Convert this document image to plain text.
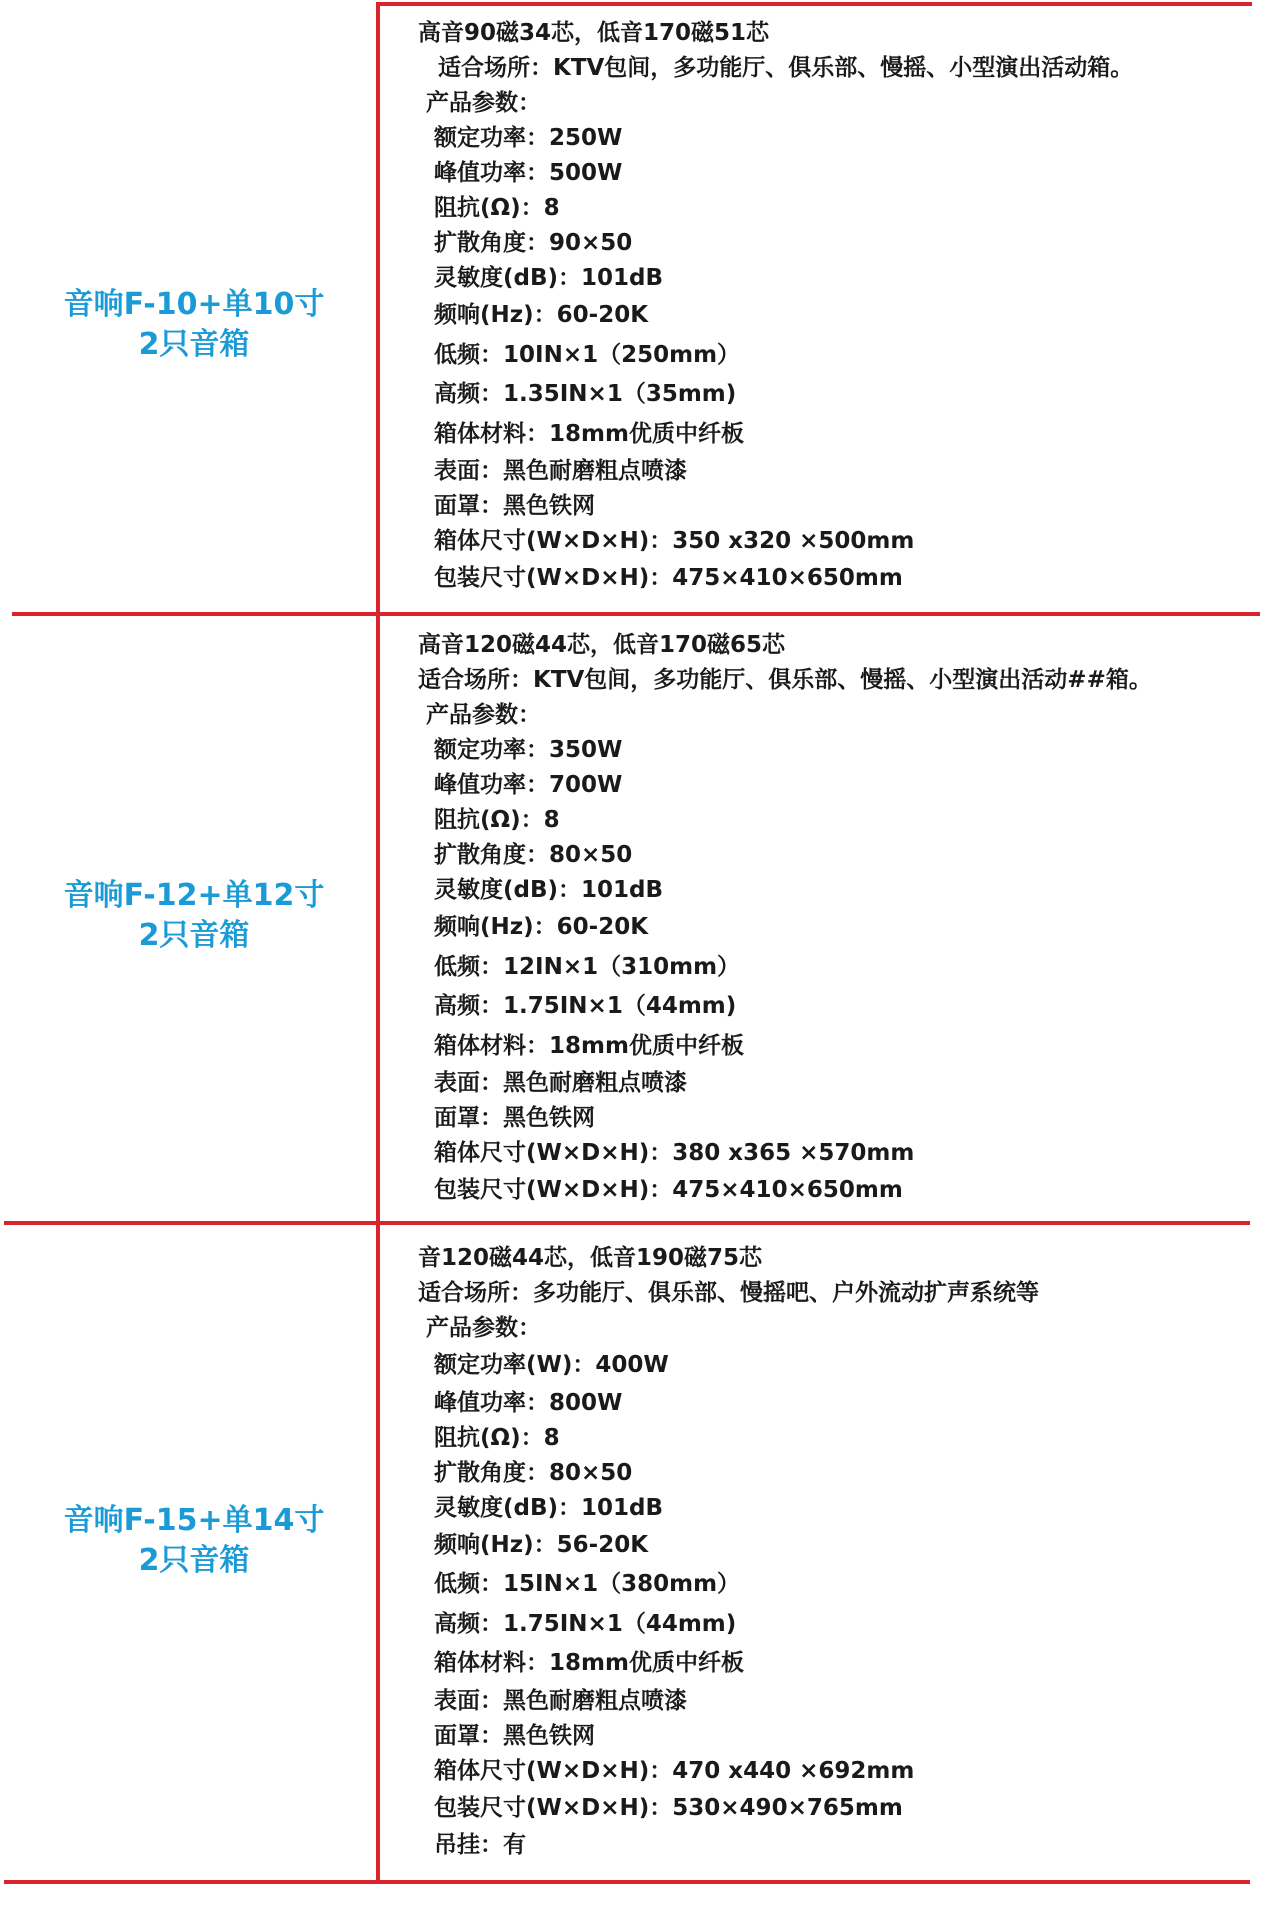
音响F-10+单10寸
2只音箱
高音90磁34芯，低音170磁51芯
适合场所：KTV包间，多功能厅、俱乐部、慢摇、小型演出活动箱。
产品参数：
额定功率：250W
峰值功率：500W
阻抗(Ω)：8
扩散角度：90×50
灵敏度(dB)：101dB
频响(Hz)：60-20K
低频：10IN×1（250mm）
高频：1.35IN×1（35mm)
箱体材料：18mm优质中纤板
表面：黑色耐磨粗点喷漆
面罩：黑色铁网
箱体尺寸(W×D×H)：350 x320 ×500mm
包装尺寸(W×D×H)：475×410×650mm
音响F-12+单12寸
2只音箱
高音120磁44芯，低音170磁65芯
适合场所：KTV包间，多功能厅、俱乐部、慢摇、小型演出活动##箱。
产品参数：
额定功率：350W
峰值功率：700W
阻抗(Ω)：8
扩散角度：80×50
灵敏度(dB)：101dB
频响(Hz)：60-20K
低频：12IN×1（310mm）
高频：1.75IN×1（44mm)
箱体材料：18mm优质中纤板
表面：黑色耐磨粗点喷漆
面罩：黑色铁网
箱体尺寸(W×D×H)：380 x365 ×570mm
包装尺寸(W×D×H)：475×410×650mm
音响F-15+单14寸
2只音箱
音120磁44芯，低音190磁75芯
适合场所：多功能厅、俱乐部、慢摇吧、户外流动扩声系统等
产品参数：
额定功率(W)：400W
峰值功率：800W
阻抗(Ω)：8
扩散角度：80×50
灵敏度(dB)：101dB
频响(Hz)：56-20K
低频：15IN×1（380mm）
高频：1.75IN×1（44mm)
箱体材料：18mm优质中纤板
表面：黑色耐磨粗点喷漆
面罩：黑色铁网
箱体尺寸(W×D×H)：470 x440 ×692mm
包装尺寸(W×D×H)：530×490×765mm
吊挂：有
